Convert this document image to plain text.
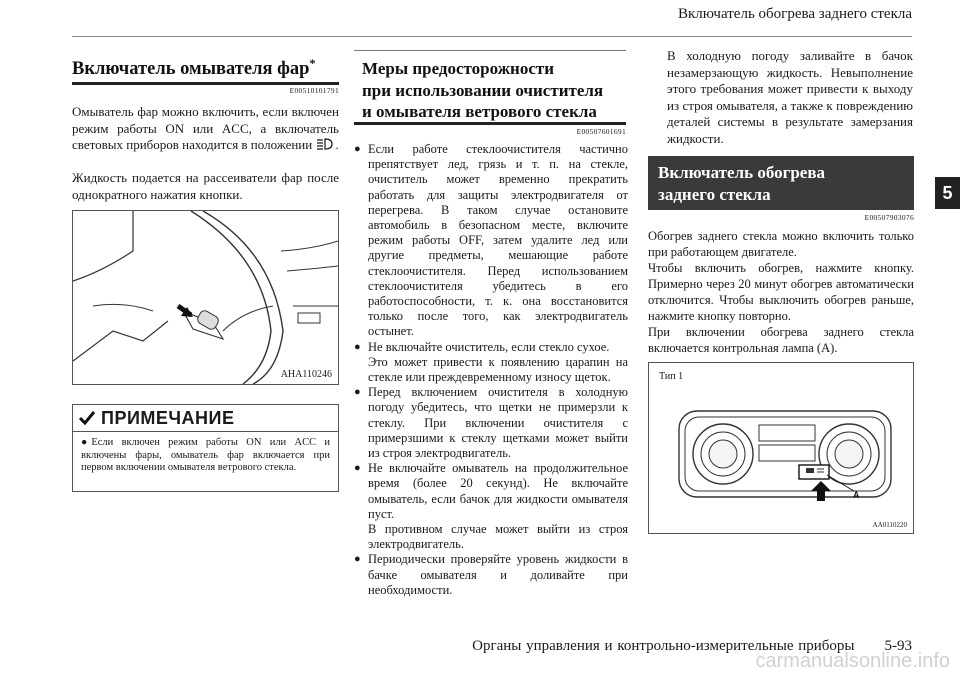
Включатель обогрева заднего стекла
5
Включатель омывателя фар*
E00510101791

Омыватель фар можно включить, если включен режим работы ON или ACC, а включатель световых приборов находится в положении .

Жидкость подается на рассеиватели фар после однократного нажатия кнопки.

AHA110246
ПРИМЕЧАНИЕ
● Если включен режим работы ON или ACC и включены фары, омыватель фар включается при первом включении омывателя ветрового стекла.
Меры предосторожности
при использовании очистителя
и омывателя ветрового стекла
E00507601691
● Если работе стеклоочистителя частично препятствует лед, грязь и т. п. на стекле, очиститель может временно прекратить работать для защиты электродвигателя от перегрева. В таком случае остановите автомобиль в безопасном месте, включите режим работы OFF, затем удалите лед или другие предметы, мешающие работе стеклоочистителя. Перед использованием стеклоочистителя убедитесь в его работоспособности, т. к. она восстановится только после того, как электродвигатель остынет.
● Не включайте очиститель, если стекло сухое.
Это может привести к появлению царапин на стекле или преждевременному износу щеток.
● Перед включением очистителя в холодную погоду убедитесь, что щетки не примерзли к стеклу. При включении очистителя с примерзшими к стеклу щетками может выйти из строя электродвигатель.
● Не включайте омыватель на продолжительное время (более 20 секунд). Не включайте омыватель, если бачок для жидкости омывателя пуст.
В противном случае может выйти из строя электродвигатель.
● Периодически проверяйте уровень жидкости в бачке омывателя и доливайте при необходимости.

В холодную погоду заливайте в бачок незамерзающую жидкость. Невыполнение этого требования может привести к выходу из строя омывателя, а также к повреждению деталей системы в результате замерзания жидкости.

Включатель обогрева
заднего стекла
E00507903076
Обогрев заднего стекла можно включить только при работающем двигателе.
Чтобы включить обогрев, нажмите кнопку. Примерно через 20 минут обогрев автоматически отключится. Чтобы выключить обогрев раньше, нажмите кнопку повторно.
При включении обогрева заднего стекла включается контрольная лампа (A).
Тип 1
A
AA0110220
Органы управления и контрольно-измерительные приборы 5-93
carmanualsonline.info
